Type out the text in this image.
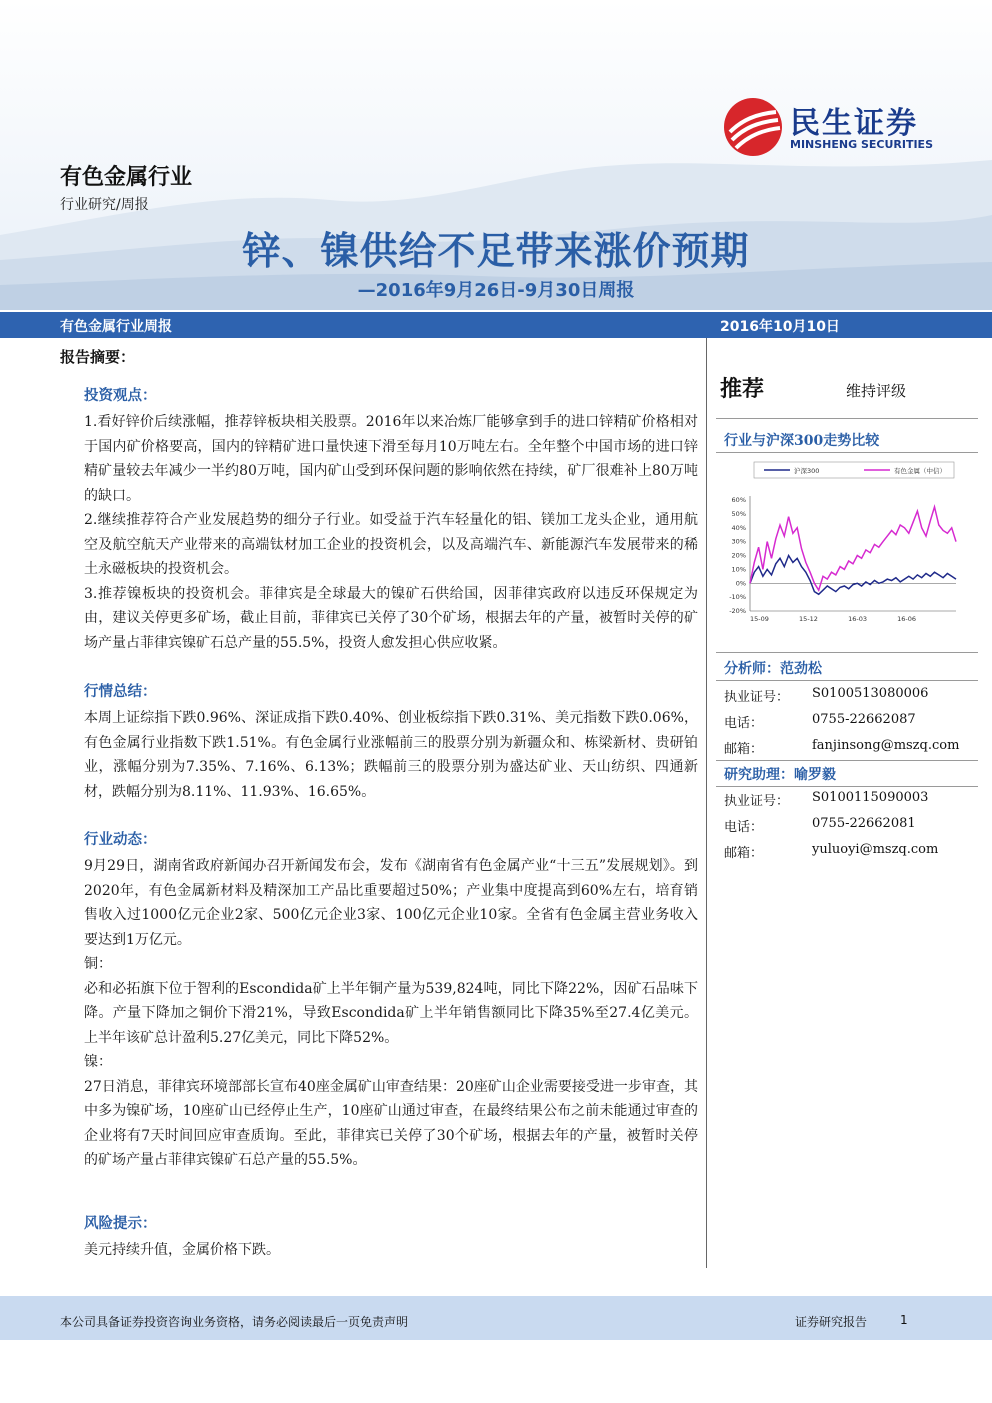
有色金属行业
行业研究/周报
民生证券
MINSHENG SECURITIES
锌、镍供给不足带来涨价预期
—2016年9月26日-9月30日周报
有色金属行业周报	2016年10月10日
报告摘要：
投资观点：

1.看好锌价后续涨幅，推荐锌板块相关股票。2016年以来冶炼厂能够拿到手的进口锌精矿价格相对于国内矿价格要高，国内的锌精矿进口量快速下滑至每月10万吨左右。全年整个中国市场的进口锌精矿量较去年减少一半约80万吨，国内矿山受到环保问题的影响依然在持续，矿厂很难补上80万吨的缺口。

2.继续推荐符合产业发展趋势的细分子行业。如受益于汽车轻量化的铝、镁加工龙头企业，通用航空及航空航天产业带来的高端钛材加工企业的投资机会，以及高端汽车、新能源汽车发展带来的稀土永磁板块的投资机会。

3.推荐镍板块的投资机会。菲律宾是全球最大的镍矿石供给国，因菲律宾政府以违反环保规定为由，建议关停更多矿场，截止目前，菲律宾已关停了30个矿场，根据去年的产量，被暂时关停的矿场产量占菲律宾镍矿石总产量的55.5%，投资人愈发担心供应收紧。

行情总结：

本周上证综指下跌0.96%、深证成指下跌0.40%、创业板综指下跌0.31%、美元指数下跌0.06%，有色金属行业指数下跌1.51%。有色金属行业涨幅前三的股票分别为新疆众和、栋梁新材、贵研铂业，涨幅分别为7.35%、7.16%、6.13%；跌幅前三的股票分别为盛达矿业、天山纺织、四通新材，跌幅分别为8.11%、11.93%、16.65%。

行业动态：

9月29日，湖南省政府新闻办召开新闻发布会，发布《湖南省有色金属产业“十三五”发展规划》。到2020年，有色金属新材料及精深加工产品比重要超过50%；产业集中度提高到60%左右，培育销售收入过1000亿元企业2家、500亿元企业3家、100亿元企业10家。全省有色金属主营业务收入要达到1万亿元。

铜：

必和必拓旗下位于智利的Escondida矿上半年铜产量为539,824吨，同比下降22%，因矿石品味下降。产量下降加之铜价下滑21%，导致Escondida矿上半年销售额同比下降35%至27.4亿美元。上半年该矿总计盈利5.27亿美元，同比下降52%。

镍：

27日消息，菲律宾环境部部长宣布40座金属矿山审查结果：20座矿山企业需要接受进一步审查，其中多为镍矿场，10座矿山已经停止生产，10座矿山通过审查，在最终结果公布之前未能通过审查的企业将有7天时间回应审查质询。至此，菲律宾已关停了30个矿场，根据去年的产量，被暂时关停的矿场产量占菲律宾镍矿石总产量的55.5%。

风险提示：

美元持续升值，金属价格下跌。

推荐	维持评级
行业与沪深300走势比较
沪深300	有色金属（中信）
60%
50%
40%
30%
20%
10%
0%
-10%
-20%
15-09	15-12	16-03	16-06
分析师：范劲松
执业证号： S0100513080006
电话：	0755-22662087
邮箱：	fanjinsong@mszq.com
研究助理：喻罗毅
执业证号： S0100115090003
电话：	0755-22662081
邮箱：	yuluoyi@mszq.com
本公司具备证券投资咨询业务资格，请务必阅读最后一页免责声明	证券研究报告	1
